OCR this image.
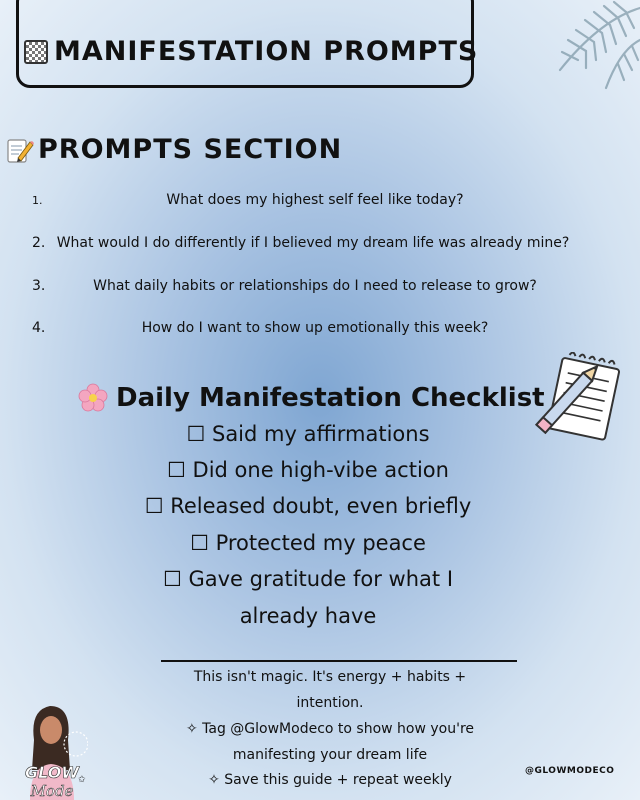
MANIFESTATION PROMPTS
PROMPTS SECTION
1.	What does my highest self feel like today?
2. What would I do differently if I believed my dream life was already mine?
3.	What daily habits or relationships do I need to release to grow?
4.	How do I want to show up emotionally this week?
Daily Manifestation Checklist
☐ Said my affirmations
☐ Did one high-vibe action
☐ Released doubt, even briefly
☐ Protected my peace
☐ Gave gratitude for what I
already have
This isn't magic. It's energy + habits +
intention.
✧ Tag @GlowModeco to show how you're
manifesting your dream life
✧ Save this guide + repeat weekly
GLOW
Mode
✩
@GLOWMODECO
